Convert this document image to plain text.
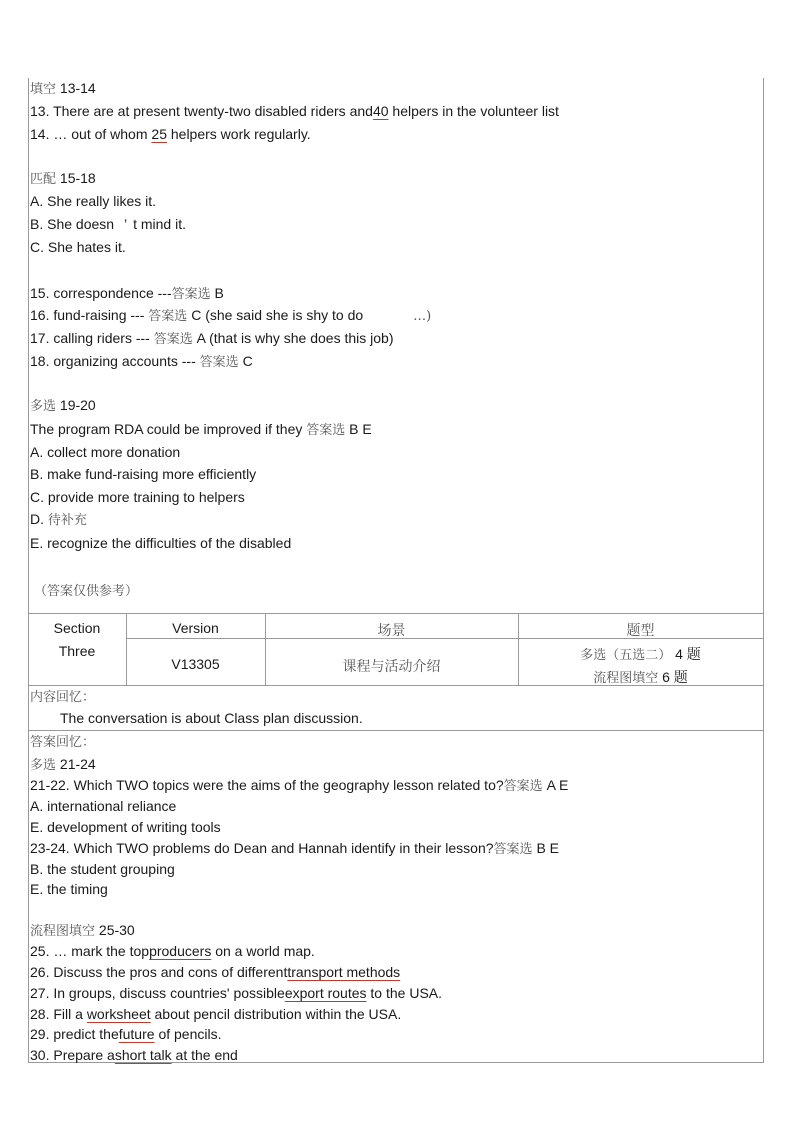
填空 13-14
13. There are at present twenty-two disabled riders and40 helpers in the volunteer list
14. … out of whom 25 helpers work regularly.
匹配 15-18
A. She really likes it.
B. She doesn ’ t mind it.
C. She hates it.
15. correspondence ---答案选 B
16. fund-raising --- 答案选 C (she said she is shy to do	…)
17. calling riders --- 答案选 A (that is why she does this job)
18. organizing accounts --- 答案选 C
多选 19-20
The program RDA could be improved if they 答案选 B E
A. collect more donation
B. make fund-raising more efficiently
C. provide more training to helpers
D. 待补充
E. recognize the difficulties of the disabled
（答案仅供参考）
Section
Three
Version
V13305
场景
课程与活动介绍
题型
多选（五选二） 4 题
流程图填空 6 题
内容回忆：
The conversation is about Class plan discussion.
答案回忆：
多选 21-24
21-22. Which TWO topics were the aims of the geography lesson related to?答案选 A E
A. international reliance
E. development of writing tools
23-24. Which TWO problems do Dean and Hannah identify in their lesson?答案选 B E
B. the student grouping
E. the timing
流程图填空 25-30
25. … mark the topproducers on a world map.
26. Discuss the pros and cons of differenttransport methods
27. In groups, discuss countries' possibleexport routes to the USA.
28. Fill a worksheet about pencil distribution within the USA.
29. predict thefuture of pencils.
30. Prepare ashort talk at the end
